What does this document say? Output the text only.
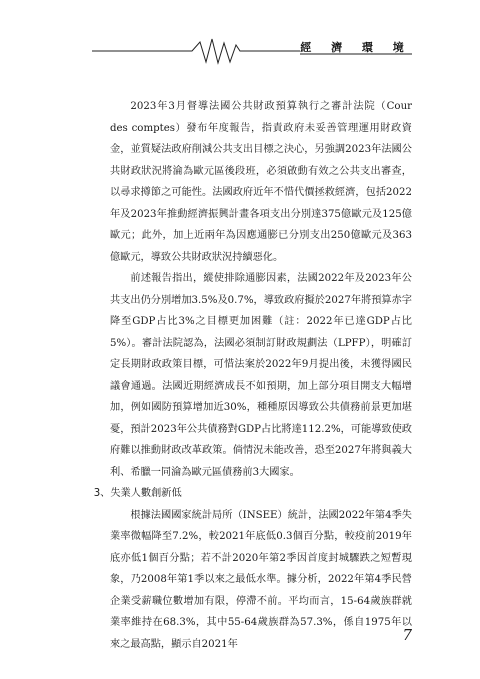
經 濟 環 境

2023年3月督導法國公共財政預算執行之審計法院（Cour des comptes）發布年度報告，指責政府未妥善管理運用財政資金，並質疑法政府削減公共支出目標之決心，另強調2023年法國公共財政狀況將淪為歐元區後段班，必須啟動有效之公共支出審查，以尋求撙節之可能性。法國政府近年不惜代價拯救經濟，包括2022年及2023年推動經濟振興計畫各項支出分別達375億歐元及125億歐元；此外，加上近兩年為因應通膨已分別支出250億歐元及363億歐元，導致公共財政狀況持續惡化。

前述報告指出，縱使排除通膨因素，法國2022年及2023年公共支出仍分別增加3.5%及0.7%，導致政府擬於2027年將預算赤字降至GDP占比3%之目標更加困難（註：2022年已達GDP占比5%）。審計法院認為，法國必須制訂財政規劃法（LPFP），明確訂定長期財政政策目標，可惜法案於2022年9月提出後，未獲得國民議會通過。法國近期經濟成長不如預期，加上部分項目開支大幅增加，例如國防預算增加近30%，種種原因導致公共債務前景更加堪憂，預計2023年公共債務對GDP占比將達112.2%，可能導致使政府難以推動財政改革政策。倘情況未能改善，恐至2027年將與義大利、希臘一同淪為歐元區債務前3大國家。

3、失業人數創新低

根據法國國家統計局所（INSEE）統計，法國2022年第4季失業率微幅降至7.2%，較2021年底低0.3個百分點，較疫前2019年底亦低1個百分點；若不計2020年第2季因首度封城驟跌之短暫現象，乃2008年第1季以來之最低水準。據分析，2022年第4季民營企業受薪職位數增加有限，停滯不前。平均而言，15-64歲族群就業率維持在68.3%，其中55-64歲族群為57.3%，係自1975年以來之最高點，顯示自2021年	7
